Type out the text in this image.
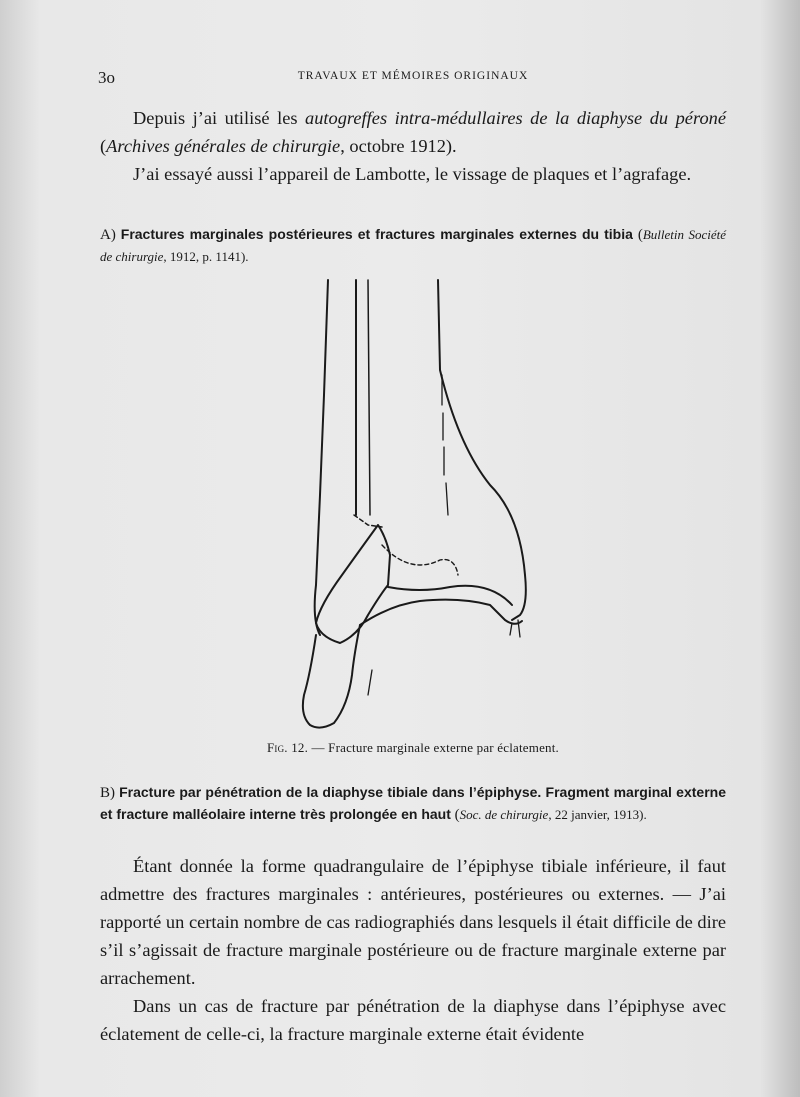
3o	TRAVAUX ET MÉMOIRES ORIGINAUX

Depuis j’ai utilisé les autogreffes intra-médullaires de la diaphyse du péroné (Archives générales de chirurgie, octobre 1912).

J’ai essayé aussi l’appareil de Lambotte, le vissage de plaques et l’agrafage.

A) Fractures marginales postérieures et fractures marginales externes du tibia (Bulletin Société de chirurgie, 1912, p. 1141).

Fig. 12. — Fracture marginale externe par éclatement.

B) Fracture par pénétration de la diaphyse tibiale dans l’épiphyse. Fragment marginal externe et fracture malléolaire interne très prolongée en haut (Soc. de chirurgie, 22 janvier, 1913).

Étant donnée la forme quadrangulaire de l’épiphyse tibiale inférieure, il faut admettre des fractures marginales : antérieures, postérieures ou externes. — J’ai rapporté un certain nombre de cas radiographiés dans lesquels il était difficile de dire s’il s’agissait de fracture marginale postérieure ou de fracture marginale externe par arrachement.

Dans un cas de fracture par pénétration de la diaphyse dans l’épiphyse avec éclatement de celle-ci, la fracture marginale externe était évidente
